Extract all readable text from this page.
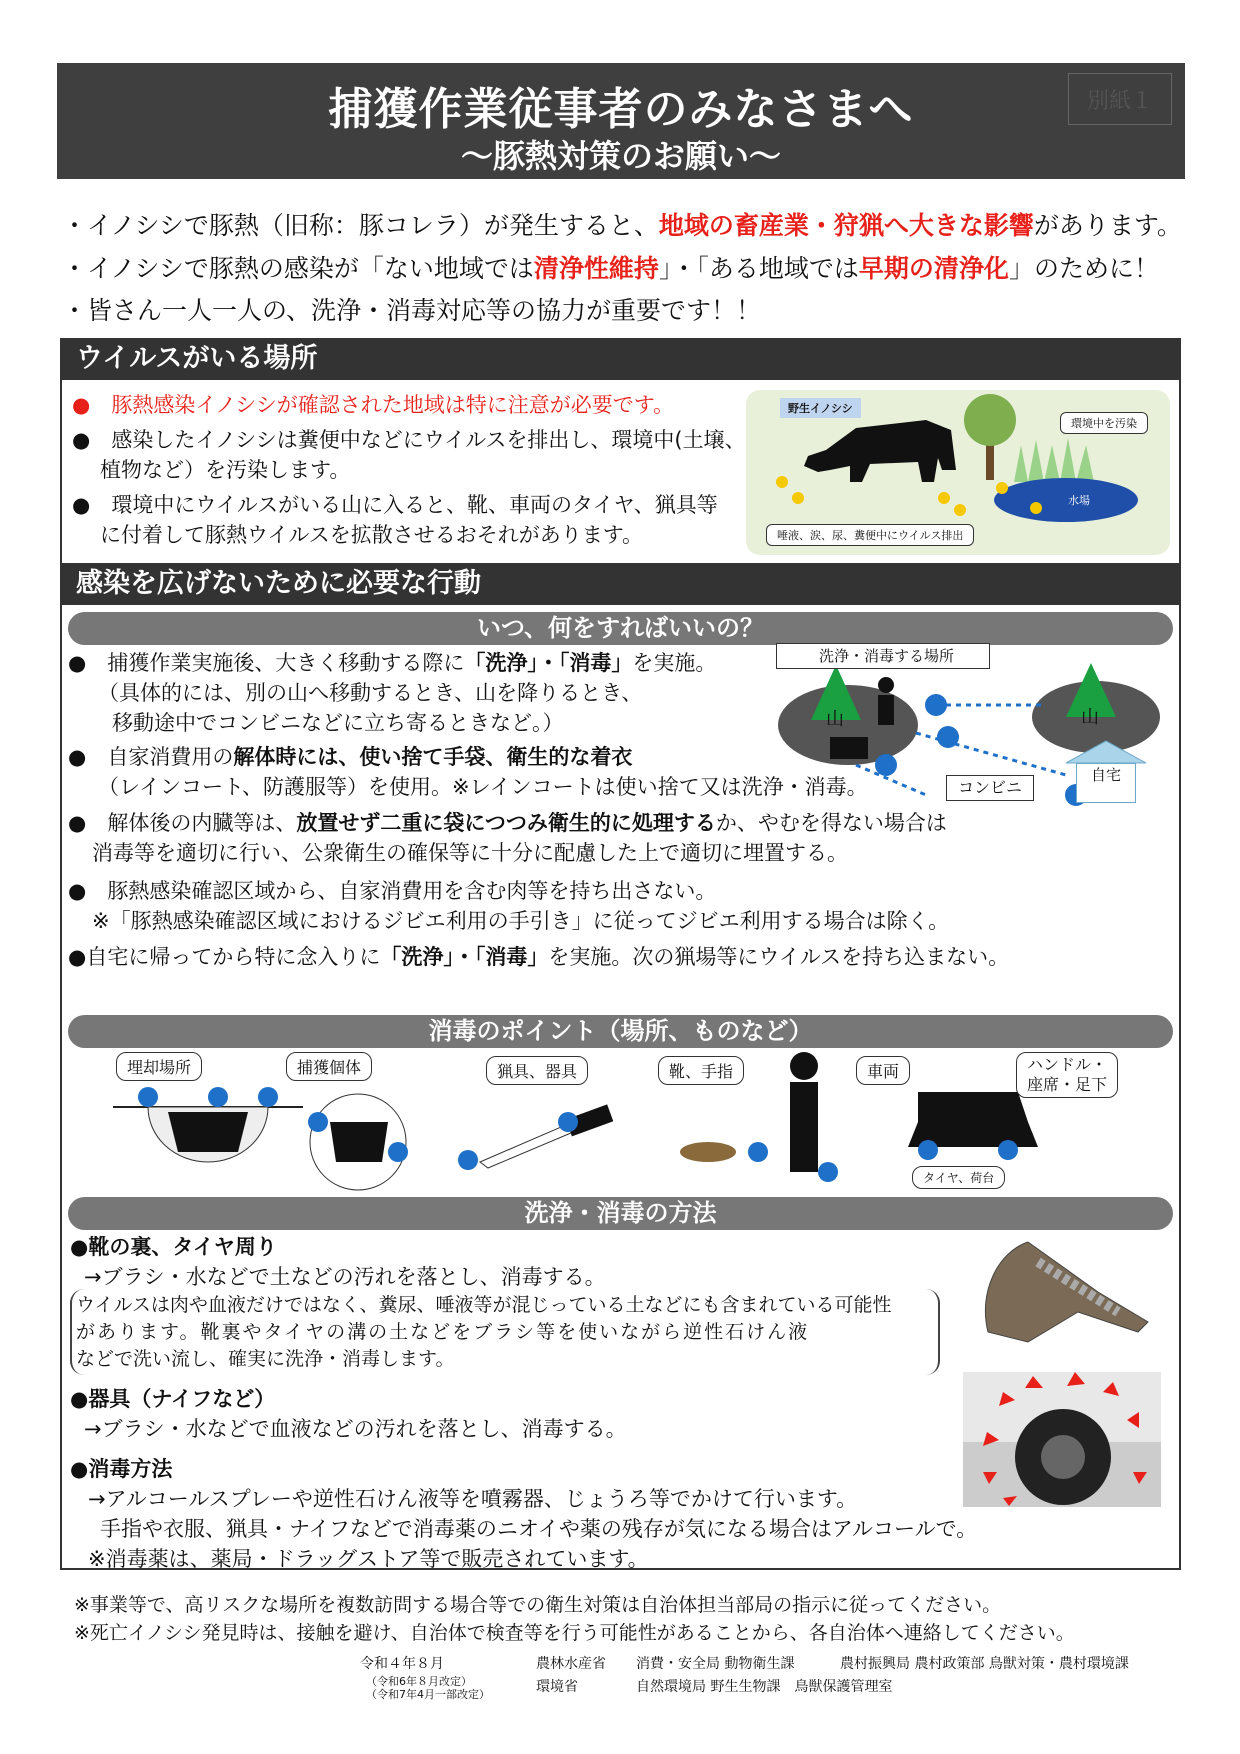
捕獲作業従事者のみなさまへ
～豚熱対策のお願い～
別紙１
・イノシシで豚熱（旧称：豚コレラ）が発生すると、地域の畜産業・狩猟へ大きな影響があります。
・イノシシで豚熱の感染が「ない地域では清浄性維持」・「ある地域では早期の清浄化」のために！
・皆さん一人一人の、洗浄・消毒対応等の協力が重要です！！
ウイルスがいる場所
●　豚熱感染イノシシが確認された地域は特に注意が必要です。
●　感染したイノシシは糞便中などにウイルスを排出し、環境中(土壌、
植物など）を汚染します。
●　環境中にウイルスがいる山に入ると、靴、車両のタイヤ、猟具等
に付着して豚熱ウイルスを拡散させるおそれがあります。
野生イノシシ
環境中を汚染
水場
唾液、涙、尿、糞便中にウイルス排出
感染を広げないために必要な行動
いつ、何をすればいいの？
●　捕獲作業実施後、大きく移動する際に「洗浄」・「消毒」を実施。
（具体的には、別の山へ移動するとき、山を降りるとき、
移動途中でコンビニなどに立ち寄るときなど。）
●　自家消費用の解体時には、使い捨て手袋、衛生的な着衣
（レインコート、防護服等）を使用。※レインコートは使い捨て又は洗浄・消毒。
●　解体後の内臓等は、放置せず二重に袋につつみ衛生的に処理するか、やむを得ない場合は
消毒等を適切に行い、公衆衛生の確保等に十分に配慮した上で適切に埋置する。
●　豚熱感染確認区域から、自家消費用を含む肉等を持ち出さない。
※「豚熱感染確認区域におけるジビエ利用の手引き」に従ってジビエ利用する場合は除く。
●自宅に帰ってから特に念入りに「洗浄」・「消毒」を実施。次の猟場等にウイルスを持ち込まない。
洗浄・消毒する場所
山	山
コンビニ
自宅
消毒のポイント（場所、ものなど）
埋却場所	捕獲個体	猟具、器具	靴、手指	車両	ハンドル・
座席・足下
タイヤ、荷台
洗浄・消毒の方法
●靴の裏、タイヤ周り
→ブラシ・水などで土などの汚れを落とし、消毒する。
ウイルスは肉や血液だけではなく、糞尿、唾液等が混じっている土などにも含まれている可能性
があります。靴裏やタイヤの溝の土などをブラシ等を使いながら逆性石けん液
などで洗い流し、確実に洗浄・消毒します。
●器具（ナイフなど）
→ブラシ・水などで血液などの汚れを落とし、消毒する。
●消毒方法
→アルコールスプレーや逆性石けん液等を噴霧器、じょうろ等でかけて行います。
手指や衣服、猟具・ナイフなどで消毒薬のニオイや薬の残存が気になる場合はアルコールで。
※消毒薬は、薬局・ドラッグストア等で販売されています。
※事業等で、高リスクな場所を複数訪問する場合等での衛生対策は自治体担当部局の指示に従ってください。
※死亡イノシシ発見時は、接触を避け、自治体で検査等を行う可能性があることから、各自治体へ連絡してください。
令和４年８月
（令和6年８月改定）
（令和7年4月一部改定）
農林水産省 消費・安全局 動物衛生課	農村振興局 農村政策部 鳥獣対策・農村環境課
環境省	自然環境局 野生生物課　鳥獣保護管理室
